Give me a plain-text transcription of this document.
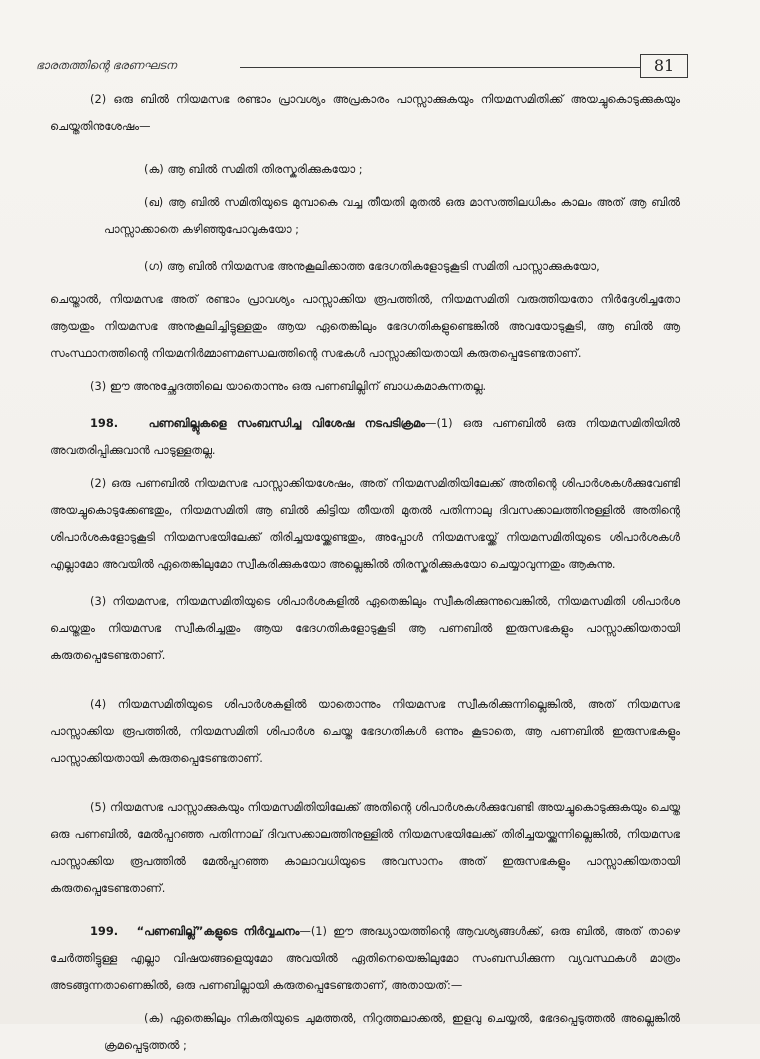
ഭാരതത്തിന്റെ ഭരണഘടന	81

(2) ഒരു ബിൽ നിയമസഭ രണ്ടാം പ്രാവശ്യം അപ്രകാരം പാസ്സാക്കുകയും നിയമസമിതിക്ക് അയച്ചുകൊടുക്കുകയും ചെയ്തതിനുശേഷം—

(ക) ആ ബിൽ സമിതി തിരസ്കരിക്കുകയോ ;

(ഖ) ആ ബിൽ സമിതിയുടെ മുമ്പാകെ വച്ച തീയതി മുതൽ ഒരു മാസത്തിലധികം കാലം അത് ആ ബിൽ പാസ്സാക്കാതെ കഴിഞ്ഞുപോവുകയോ ;

(ഗ) ആ ബിൽ നിയമസഭ അനുകൂലിക്കാത്ത ഭേദഗതികളോടുകൂടി സമിതി പാസ്സാക്കുകയോ,

ചെയ്താൽ, നിയമസഭ അത് രണ്ടാം പ്രാവശ്യം പാസ്സാക്കിയ രൂപത്തിൽ, നിയമസമിതി വരുത്തിയതോ നിർദ്ദേശിച്ചതോ ആയതും നിയമസഭ അനുകൂലിച്ചിട്ടുള്ളതും ആയ ഏതെങ്കിലും ഭേദഗതികളുണ്ടെങ്കിൽ അവയോടുകൂടി, ആ ബിൽ ആ സംസ്ഥാനത്തിന്റെ നിയമനിർമ്മാണമണ്ഡലത്തിന്റെ സഭകൾ പാസ്സാക്കിയതായി കരുതപ്പെടേണ്ടതാണ്.

(3) ഈ അനുച്ഛേദത്തിലെ യാതൊന്നും ഒരു പണബില്ലിന് ബാധകമാകുന്നതല്ല.

198.	പണബില്ലുകളെ സംബന്ധിച്ച വിശേഷ നടപടിക്രമം—(1) ഒരു പണബിൽ ഒരു നിയമസമിതിയിൽ അവതരിപ്പിക്കുവാൻ പാടുള്ളതല്ല.

(2) ഒരു പണബിൽ നിയമസഭ പാസ്സാക്കിയശേഷം, അത് നിയമസമിതിയിലേക്ക് അതിന്റെ ശിപാർശകൾക്കുവേണ്ടി അയച്ചുകൊടുക്കേണ്ടതും, നിയമസമിതി ആ ബിൽ കിട്ടിയ തീയതി മുതൽ പതിന്നാലു ദിവസക്കാലത്തിനുള്ളിൽ അതിന്റെ ശിപാർശകളോടുകൂടി നിയമസഭയിലേക്ക് തിരിച്ചയയ്ക്കേണ്ടതും, അപ്പോൾ നിയമസഭയ്ക്ക് നിയമസമിതിയുടെ ശിപാർശകൾ എല്ലാമോ അവയിൽ ഏതെങ്കിലുമോ സ്വീകരിക്കുകയോ അല്ലെങ്കിൽ തിരസ്കരിക്കുകയോ ചെയ്യാവുന്നതും ആകുന്നു.

(3) നിയമസഭ, നിയമസമിതിയുടെ ശിപാർശകളിൽ ഏതെങ്കിലും സ്വീകരിക്കുന്നുവെങ്കിൽ, നിയമസമിതി ശിപാർശ ചെയ്തതും നിയമസഭ സ്വീകരിച്ചതും ആയ ഭേദഗതികളോടുകൂടി ആ പണബിൽ ഇരുസഭകളും പാസ്സാക്കിയതായി കരുതപ്പെടേണ്ടതാണ്.

(4) നിയമസമിതിയുടെ ശിപാർശകളിൽ യാതൊന്നും നിയമസഭ സ്വീകരിക്കുന്നില്ലെങ്കിൽ, അത് നിയമസഭ പാസ്സാക്കിയ രൂപത്തിൽ, നിയമസമിതി ശിപാർശ ചെയ്ത ഭേദഗതികൾ ഒന്നും കൂടാതെ, ആ പണബിൽ ഇരുസഭകളും പാസ്സാക്കിയതായി കരുതപ്പെടേണ്ടതാണ്.

(5) നിയമസഭ പാസ്സാക്കുകയും നിയമസമിതിയിലേക്ക് അതിന്റെ ശിപാർശകൾക്കുവേണ്ടി അയച്ചുകൊടുക്കുകയും ചെയ്ത ഒരു പണബിൽ, മേൽപ്പറഞ്ഞ പതിന്നാല് ദിവസക്കാലത്തിനുള്ളിൽ നിയമസഭയിലേക്ക് തിരിച്ചയയ്ക്കുന്നില്ലെങ്കിൽ, നിയമസഭ പാസ്സാക്കിയ രൂപത്തിൽ മേൽപ്പറഞ്ഞ കാലാവധിയുടെ അവസാനം അത് ഇരുസഭകളും പാസ്സാക്കിയതായി കരുതപ്പെടേണ്ടതാണ്.

199. “പണബില്ല്”കളുടെ നിർവ്വചനം—(1) ഈ അദ്ധ്യായത്തിന്റെ ആവശ്യങ്ങൾക്ക്, ഒരു ബിൽ, അത് താഴെ ചേർത്തിട്ടുള്ള എല്ലാ വിഷയങ്ങളെയുമോ അവയിൽ ഏതിനെയെങ്കിലുമോ സംബന്ധിക്കുന്ന വ്യവസ്ഥകൾ മാത്രം അടങ്ങുന്നതാണെങ്കിൽ, ഒരു പണബില്ലായി കരുതപ്പെടേണ്ടതാണ്, അതായത്:—

(ക) ഏതെങ്കിലും നികുതിയുടെ ചുമത്തൽ, നിറുത്തലാക്കൽ, ഇളവു ചെയ്യൽ, ഭേദപ്പെടുത്തൽ അല്ലെങ്കിൽ ക്രമപ്പെടുത്തൽ ;
